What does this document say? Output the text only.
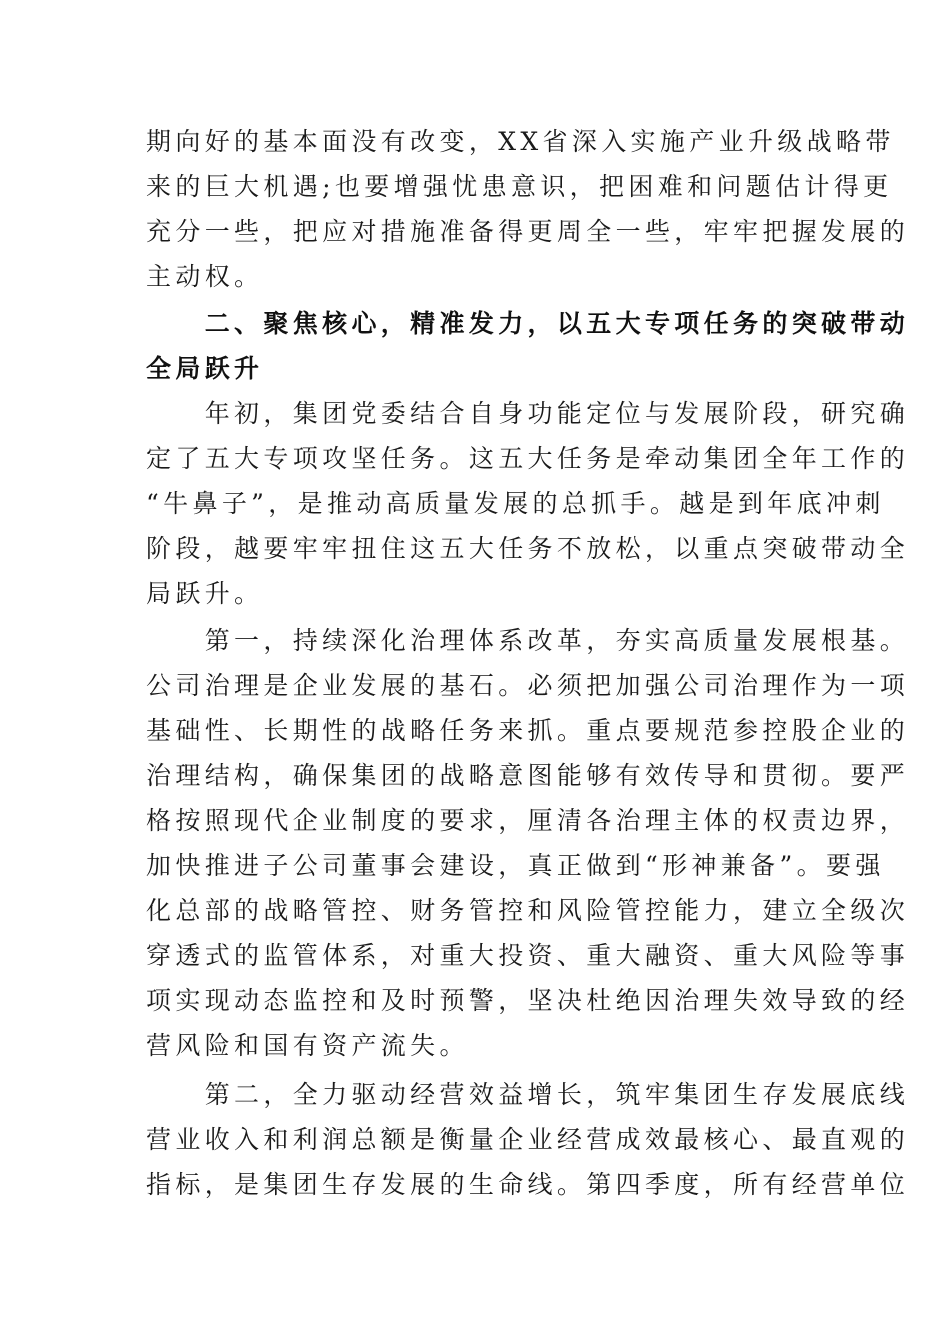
期向好的基本面没有改变，XX省深入实施产业升级战略带
来的巨大机遇;也要增强忧患意识，把困难和问题估计得更
充分一些，把应对措施准备得更周全一些，牢牢把握发展的
主动权。
　　二、聚焦核心，精准发力，以五大专项任务的突破带动
全局跃升
　　年初，集团党委结合自身功能定位与发展阶段，研究确
定了五大专项攻坚任务。这五大任务是牵动集团全年工作的
“牛鼻子”，是推动高质量发展的总抓手。越是到年底冲刺
阶段，越要牢牢扭住这五大任务不放松，以重点突破带动全
局跃升。
　　第一，持续深化治理体系改革，夯实高质量发展根基。
公司治理是企业发展的基石。必须把加强公司治理作为一项
基础性、长期性的战略任务来抓。重点要规范参控股企业的
治理结构，确保集团的战略意图能够有效传导和贯彻。要严
格按照现代企业制度的要求，厘清各治理主体的权责边界，
加快推进子公司董事会建设，真正做到“形神兼备”。要强
化总部的战略管控、财务管控和风险管控能力，建立全级次
穿透式的监管体系，对重大投资、重大融资、重大风险等事
项实现动态监控和及时预警，坚决杜绝因治理失效导致的经
营风险和国有资产流失。
　　第二，全力驱动经营效益增长，筑牢集团生存发展底线
营业收入和利润总额是衡量企业经营成效最核心、最直观的
指标，是集团生存发展的生命线。第四季度，所有经营单位
